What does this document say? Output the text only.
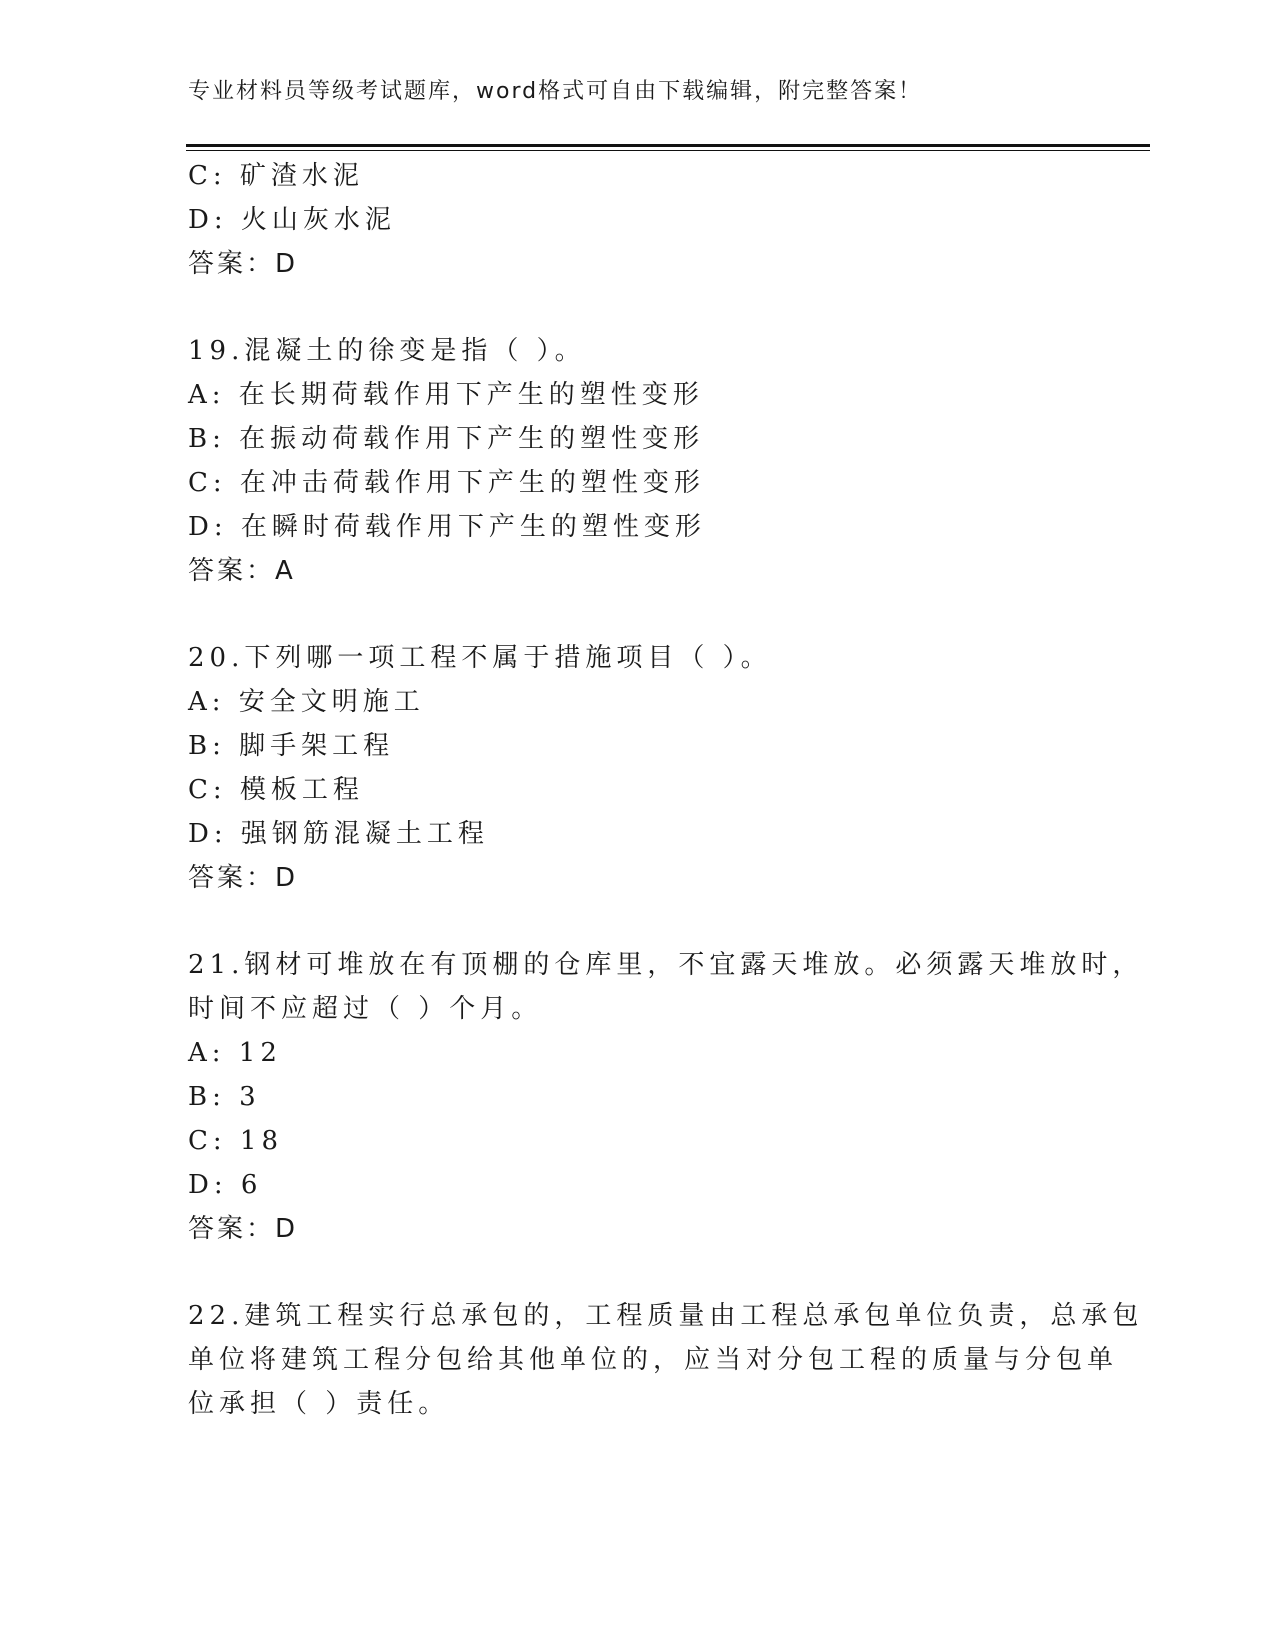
专业材料员等级考试题库，word格式可自由下载编辑，附完整答案！
C: 矿渣水泥
D: 火山灰水泥
答案：D
19.混凝土的徐变是指（ ）。
A: 在长期荷载作用下产生的塑性变形
B: 在振动荷载作用下产生的塑性变形
C: 在冲击荷载作用下产生的塑性变形
D: 在瞬时荷载作用下产生的塑性变形
答案：A
20.下列哪一项工程不属于措施项目（ ）。
A: 安全文明施工
B: 脚手架工程
C: 模板工程
D: 强钢筋混凝土工程
答案：D
21.钢材可堆放在有顶棚的仓库里，不宜露天堆放。必须露天堆放时，
时间不应超过（ ）个月。
A: 12
B: 3
C: 18
D: 6
答案：D
22.建筑工程实行总承包的，工程质量由工程总承包单位负责，总承包
单位将建筑工程分包给其他单位的，应当对分包工程的质量与分包单
位承担（ ）责任。
